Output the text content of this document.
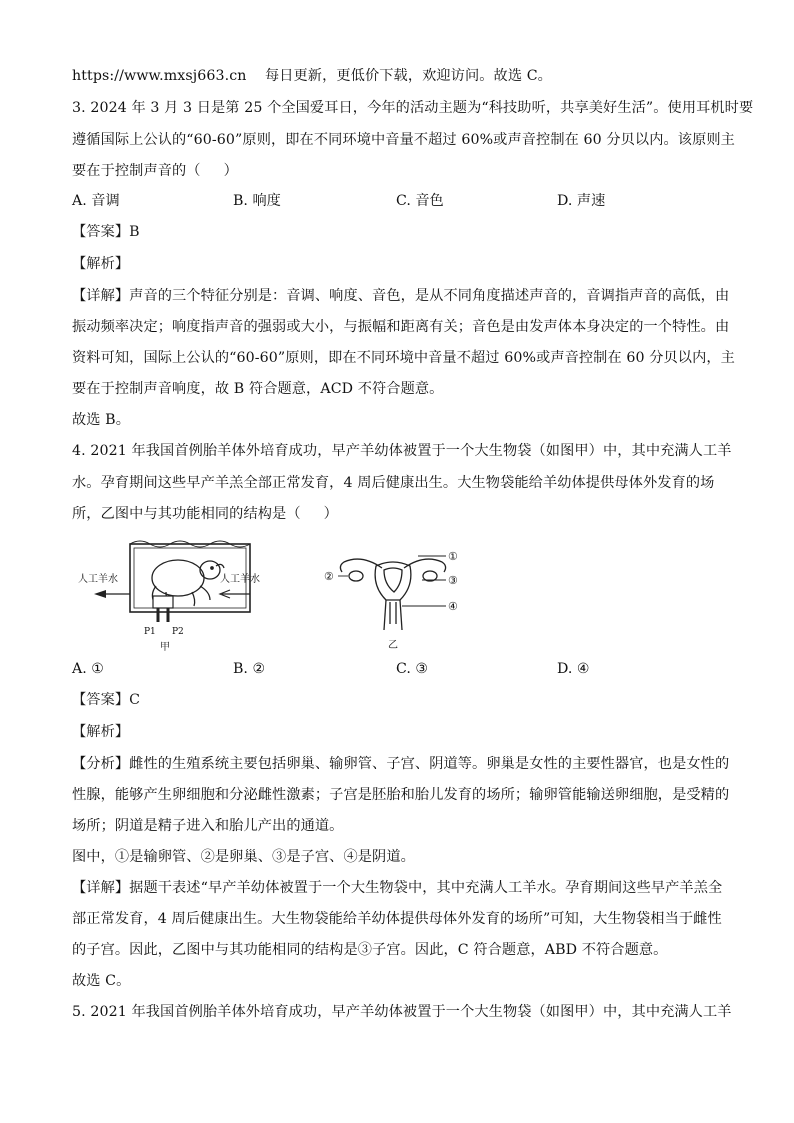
https://www.mxsj663.cn    每日更新，更低价下载，欢迎访问。故选 C。
3. 2024 年 3 月 3 日是第 25 个全国爱耳日，今年的活动主题为“科技助听，共享美好生活”。使用耳机时要
遵循国际上公认的“60-60”原则，即在不同环境中音量不超过 60%或声音控制在 60 分贝以内。该原则主
要在于控制声音的（     ）
A. 音调	B. 响度	C. 音色	D. 声速
【答案】B
【解析】
【详解】声音的三个特征分别是：音调、响度、音色，是从不同角度描述声音的，音调指声音的高低，由
振动频率决定；响度指声音的强弱或大小，与振幅和距离有关；音色是由发声体本身决定的一个特性。由
资料可知，国际上公认的“60-60”原则，即在不同环境中音量不超过 60%或声音控制在 60 分贝以内，主
要在于控制声音响度，故 B 符合题意，ACD 不符合题意。
故选 B。
4. 2021 年我国首例胎羊体外培育成功，早产羊幼体被置于一个大生物袋（如图甲）中，其中充满人工羊
水。孕育期间这些早产羊羔全部正常发育，4 周后健康出生。大生物袋能给羊幼体提供母体外发育的场
所，乙图中与其功能相同的结构是（     ）
人工羊水	人工羊水
P1 P2
甲
①
②	③
④
乙
A. ①	B. ②	C. ③	D. ④
【答案】C
【解析】
【分析】雌性的生殖系统主要包括卵巢、输卵管、子宫、阴道等。卵巢是女性的主要性器官，也是女性的
性腺，能够产生卵细胞和分泌雌性激素；子宫是胚胎和胎儿发育的场所；输卵管能输送卵细胞，是受精的
场所；阴道是精子进入和胎儿产出的通道。
图中，①是输卵管、②是卵巢、③是子宫、④是阴道。
【详解】据题干表述“早产羊幼体被置于一个大生物袋中，其中充满人工羊水。孕育期间这些早产羊羔全
部正常发育，4 周后健康出生。大生物袋能给羊幼体提供母体外发育的场所”可知，大生物袋相当于雌性
的子宫。因此，乙图中与其功能相同的结构是③子宫。因此，C 符合题意，ABD 不符合题意。
故选 C。
5. 2021 年我国首例胎羊体外培育成功，早产羊幼体被置于一个大生物袋（如图甲）中，其中充满人工羊
